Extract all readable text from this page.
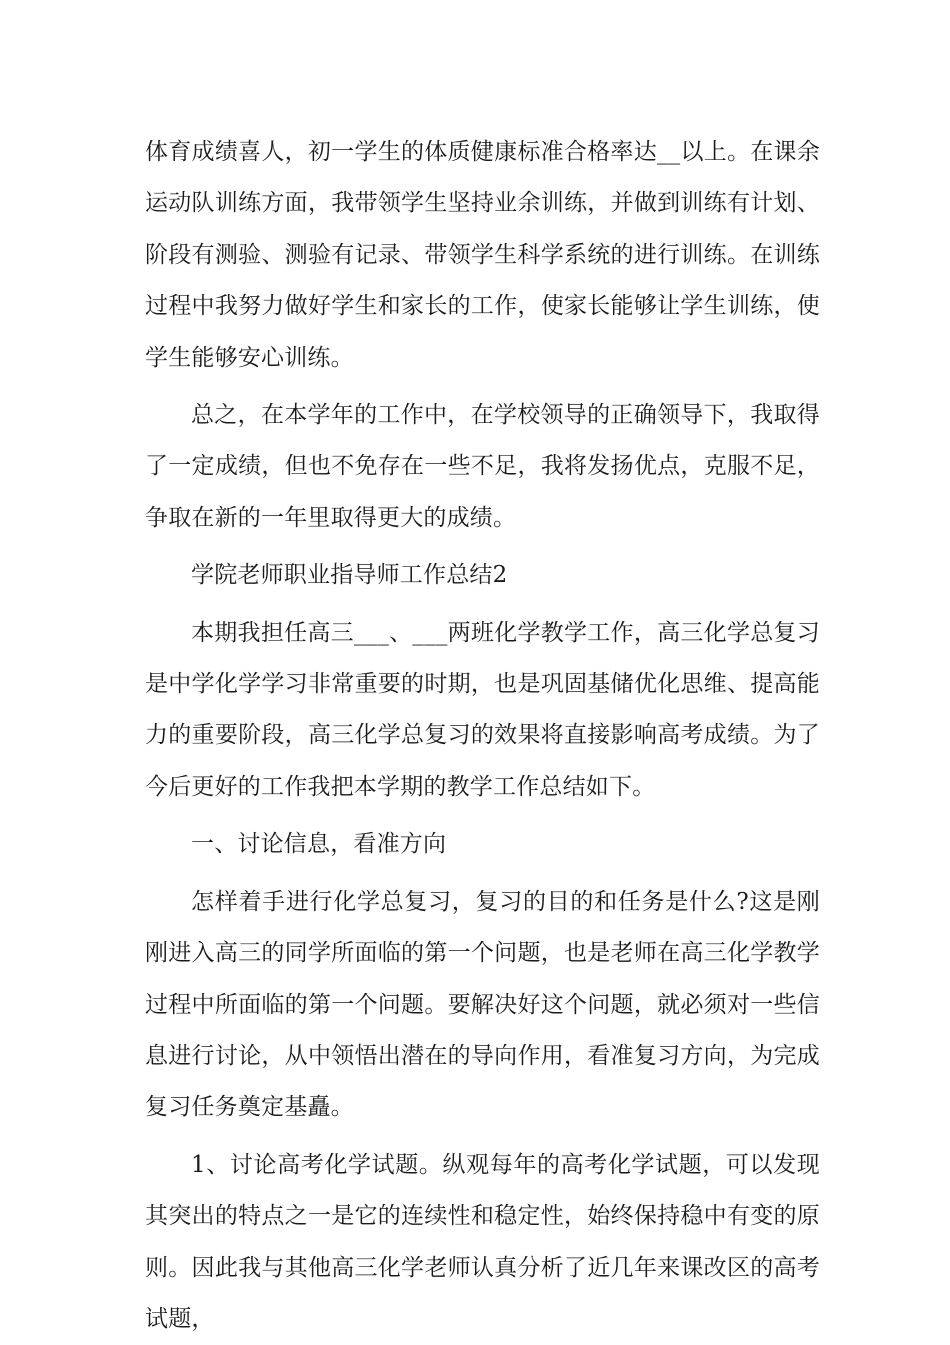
体育成绩喜人，初一学生的体质健康标准合格率达__以上。在课余运动队训练方面，我带领学生坚持业余训练，并做到训练有计划、阶段有测验、测验有记录、带领学生科学系统的进行训练。在训练过程中我努力做好学生和家长的工作，使家长能够让学生训练，使学生能够安心训练。

总之，在本学年的工作中，在学校领导的正确领导下，我取得了一定成绩，但也不免存在一些不足，我将发扬优点，克服不足，争取在新的一年里取得更大的成绩。

学院老师职业指导师工作总结2

本期我担任高三___、___两班化学教学工作，高三化学总复习是中学化学学习非常重要的时期，也是巩固基储优化思维、提高能力的重要阶段，高三化学总复习的效果将直接影响高考成绩。为了今后更好的工作我把本学期的教学工作总结如下。

一、讨论信息，看准方向

怎样着手进行化学总复习，复习的目的和任务是什么?这是刚刚进入高三的同学所面临的第一个问题，也是老师在高三化学教学过程中所面临的第一个问题。要解决好这个问题，就必须对一些信息进行讨论，从中领悟出潜在的导向作用，看准复习方向，为完成复习任务奠定基矗。

1、讨论高考化学试题。纵观每年的高考化学试题，可以发现其突出的特点之一是它的连续性和稳定性，始终保持稳中有变的原则。因此我与其他高三化学老师认真分析了近几年来课改区的高考试题，
